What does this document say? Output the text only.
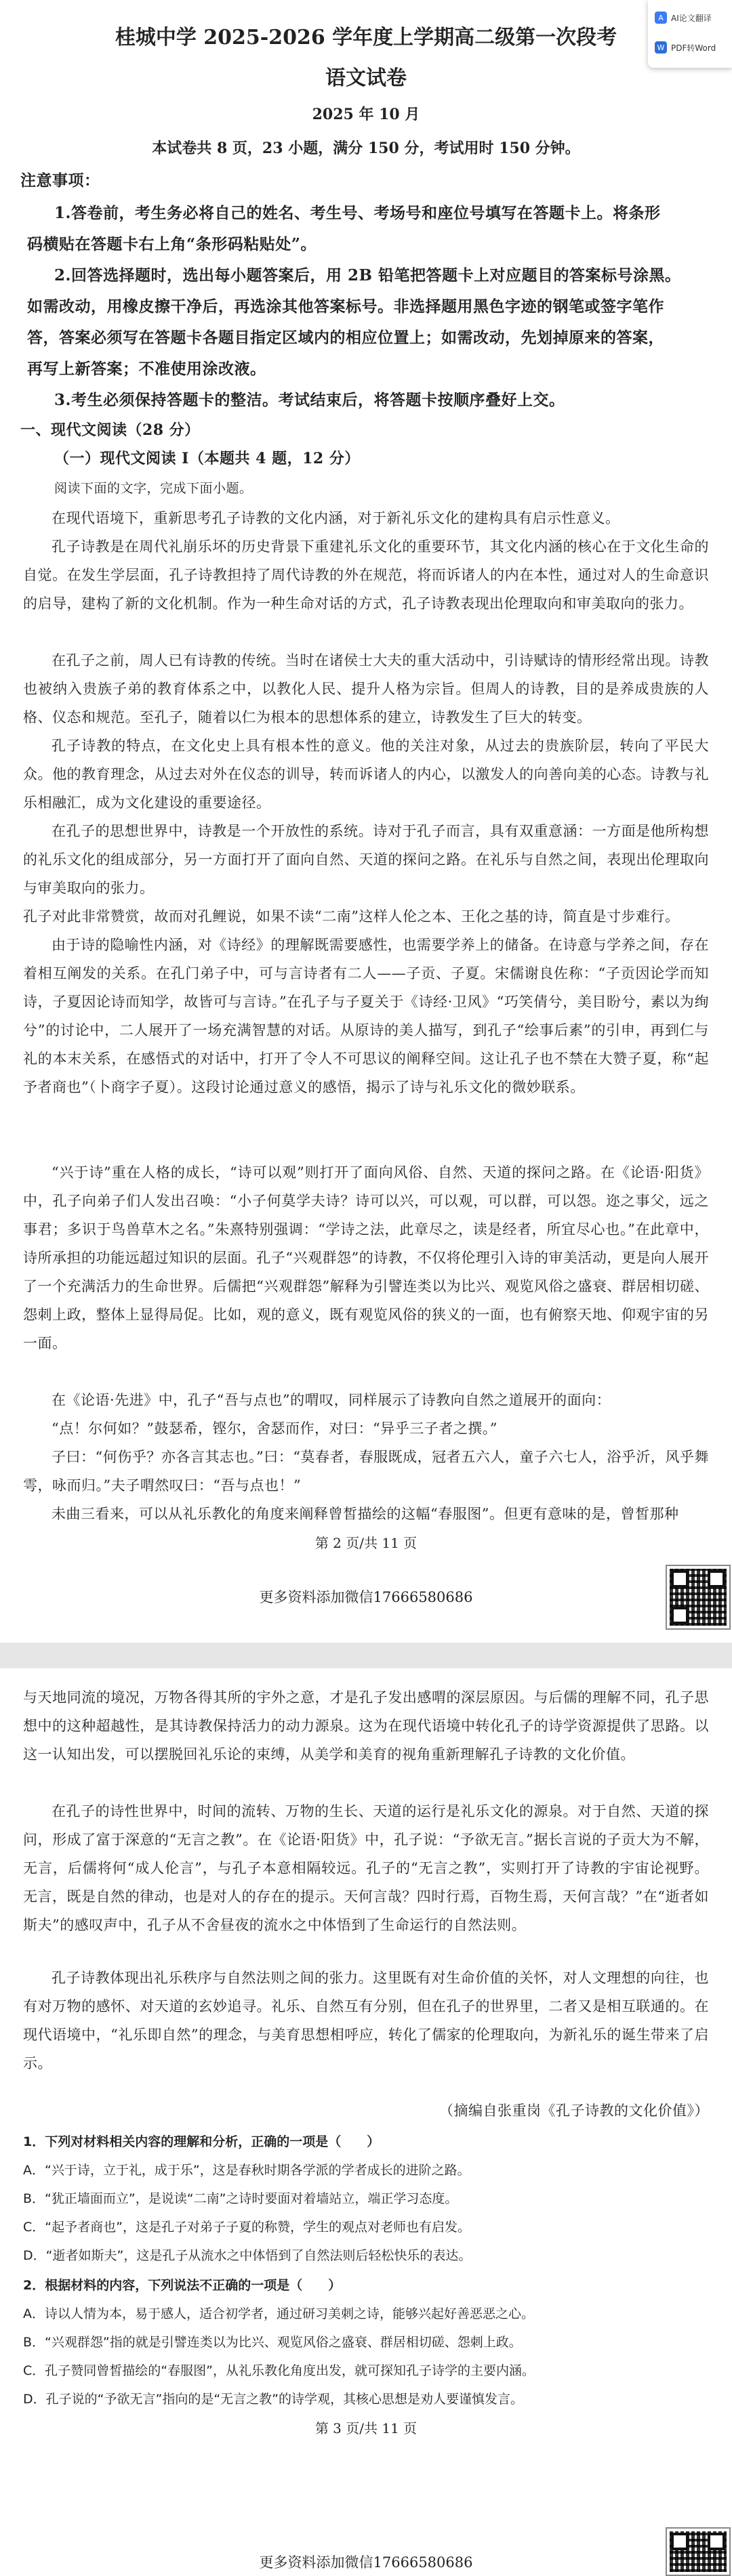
桂城中学 2025-2026 学年度上学期高二级第一次段考
语文试卷
2025 年 10 月
本试卷共 8 页，23 小题，满分 150 分，考试用时 150 分钟。
注意事项：
1.答卷前，考生务必将自己的姓名、考生号、考场号和座位号填写在答题卡上。将条形
码横贴在答题卡右上角“条形码粘贴处”。
2.回答选择题时，选出每小题答案后，用 2B 铅笔把答题卡上对应题目的答案标号涂黑。
如需改动，用橡皮擦干净后，再选涂其他答案标号。非选择题用黑色字迹的钢笔或签字笔作
答，答案必须写在答题卡各题目指定区域内的相应位置上；如需改动，先划掉原来的答案，
再写上新答案；不准使用涂改液。
3.考生必须保持答题卡的整洁。考试结束后，将答题卡按顺序叠好上交。
一、现代文阅读（28 分）
（一）现代文阅读 I（本题共 4 题，12 分）
阅读下面的文字，完成下面小题。
在现代语境下，重新思考孔子诗教的文化内涵，对于新礼乐文化的建构具有启示性意义。
孔子诗教是在周代礼崩乐坏的历史背景下重建礼乐文化的重要环节，其文化内涵的核心在于文化生命的自觉。在发生学层面，孔子诗教担持了周代诗教的外在规范，将而诉诸人的内在本性，通过对人的生命意识的启导，建构了新的文化机制。作为一种生命对话的方式，孔子诗教表现出伦理取向和审美取向的张力。
在孔子之前，周人已有诗教的传统。当时在诸侯士大夫的重大活动中，引诗赋诗的情形经常出现。诗教也被纳入贵族子弟的教育体系之中，以教化人民、提升人格为宗旨。但周人的诗教，目的是养成贵族的人格、仪态和规范。至孔子，随着以仁为根本的思想体系的建立，诗教发生了巨大的转变。
孔子诗教的特点，在文化史上具有根本性的意义。他的关注对象，从过去的贵族阶层，转向了平民大众。他的教育理念，从过去对外在仪态的训导，转而诉诸人的内心，以激发人的向善向美的心态。诗教与礼乐相融汇，成为文化建设的重要途径。
在孔子的思想世界中，诗教是一个开放性的系统。诗对于孔子而言，具有双重意涵：一方面是他所构想的礼乐文化的组成部分，另一方面打开了面向自然、天道的探问之路。在礼乐与自然之间，表现出伦理取向与审美取向的张力。
孔子对此非常赞赏，故而对孔鲤说，如果不读“二南”这样人伦之本、王化之基的诗，简直是寸步难行。
由于诗的隐喻性内涵，对《诗经》的理解既需要感性，也需要学养上的储备。在诗意与学养之间，存在着相互阐发的关系。在孔门弟子中，可与言诗者有二人——子贡、子夏。宋儒谢良佐称：“子贡因论学而知诗，子夏因论诗而知学，故皆可与言诗。”在孔子与子夏关于《诗经·卫风》“巧笑倩兮，美目盼兮，素以为绚兮”的讨论中，二人展开了一场充满智慧的对话。从原诗的美人描写，到孔子“绘事后素”的引申，再到仁与礼的本末关系，在感悟式的对话中，打开了令人不可思议的阐释空间。这让孔子也不禁在大赞子夏，称“起予者商也”（卜商字子夏）。这段讨论通过意义的感悟，揭示了诗与礼乐文化的微妙联系。
“兴于诗”重在人格的成长，“诗可以观”则打开了面向风俗、自然、天道的探问之路。在《论语·阳货》中，孔子向弟子们人发出召唤：“小子何莫学夫诗？诗可以兴，可以观，可以群，可以怨。迩之事父，远之事君；多识于鸟兽草木之名。”朱熹特别强调：“学诗之法，此章尽之，读是经者，所宜尽心也。”在此章中，诗所承担的功能远超过知识的层面。孔子“兴观群怨”的诗教，不仅将伦理引入诗的审美活动，更是向人展开了一个充满活力的生命世界。后儒把“兴观群怨”解释为引譬连类以为比兴、观览风俗之盛衰、群居相切磋、怨刺上政，整体上显得局促。比如，观的意义，既有观览风俗的狭义的一面，也有俯察天地、仰观宇宙的另一面。
在《论语·先进》中，孔子“吾与点也”的喟叹，同样展示了诗教向自然之道展开的面向：
“点！尔何如？”鼓瑟希，铿尔，舍瑟而作，对曰：“异乎三子者之撰。”
子曰：“何伤乎？亦各言其志也。”曰：“莫春者，春服既成，冠者五六人，童子六七人，浴乎沂，风乎舞雩，咏而归。”夫子喟然叹曰：“吾与点也！”
未曲三看来，可以从礼乐教化的角度来阐释曾皙描绘的这幅“春服图”。但更有意味的是，曾皙那种
第 2 页/共 11 页
更多资料添加微信17666580686
与天地同流的境况，万物各得其所的宇外之意，才是孔子发出感喟的深层原因。与后儒的理解不同，孔子思想中的这种超越性，是其诗教保持活力的动力源泉。这为在现代语境中转化孔子的诗学资源提供了思路。以这一认知出发，可以摆脱回礼乐论的束缚，从美学和美育的视角重新理解孔子诗教的文化价值。
在孔子的诗性世界中，时间的流转、万物的生长、天道的运行是礼乐文化的源泉。对于自然、天道的探问，形成了富于深意的“无言之教”。在《论语·阳货》中，孔子说：“予欲无言。”据长言说的子贡大为不解，无言，后儒将何“成人伦言”，与孔子本意相隔较远。孔子的“无言之教”，实则打开了诗教的宇宙论视野。无言，既是自然的律动，也是对人的存在的提示。天何言哉？四时行焉，百物生焉，天何言哉？”在“逝者如斯夫”的感叹声中，孔子从不舍昼夜的流水之中体悟到了生命运行的自然法则。
孔子诗教体现出礼乐秩序与自然法则之间的张力。这里既有对生命价值的关怀，对人文理想的向往，也有对万物的感怀、对天道的玄妙追寻。礼乐、自然互有分别，但在孔子的世界里，二者又是相互联通的。在现代语境中，“礼乐即自然”的理念，与美育思想相呼应，转化了儒家的伦理取向，为新礼乐的诞生带来了启示。
（摘编自张重岗《孔子诗教的文化价值》）
1．下列对材料相关内容的理解和分析，正确的一项是（　　）
A．“兴于诗，立于礼，成于乐”，这是春秋时期各学派的学者成长的进阶之路。
B．“犹正墙面而立”，是说读“二南”之诗时要面对着墙站立，端正学习态度。
C．“起予者商也”，这是孔子对弟子子夏的称赞，学生的观点对老师也有启发。
D．“逝者如斯夫”，这是孔子从流水之中体悟到了自然法则后轻松快乐的表达。
2．根据材料的内容，下列说法不正确的一项是（　　）
A．诗以人情为本，易于感人，适合初学者，通过研习美刺之诗，能够兴起好善恶恶之心。
B．“兴观群怨”指的就是引譬连类以为比兴、观览风俗之盛衰、群居相切磋、怨刺上政。
C．孔子赞同曾皙描绘的“春服图”，从礼乐教化角度出发，就可探知孔子诗学的主要内涵。
D．孔子说的“予欲无言”指向的是“无言之教”的诗学观，其核心思想是劝人要谨慎发言。
第 3 页/共 11 页
更多资料添加微信17666580686
A AI论文翻译
W PDF转Word
